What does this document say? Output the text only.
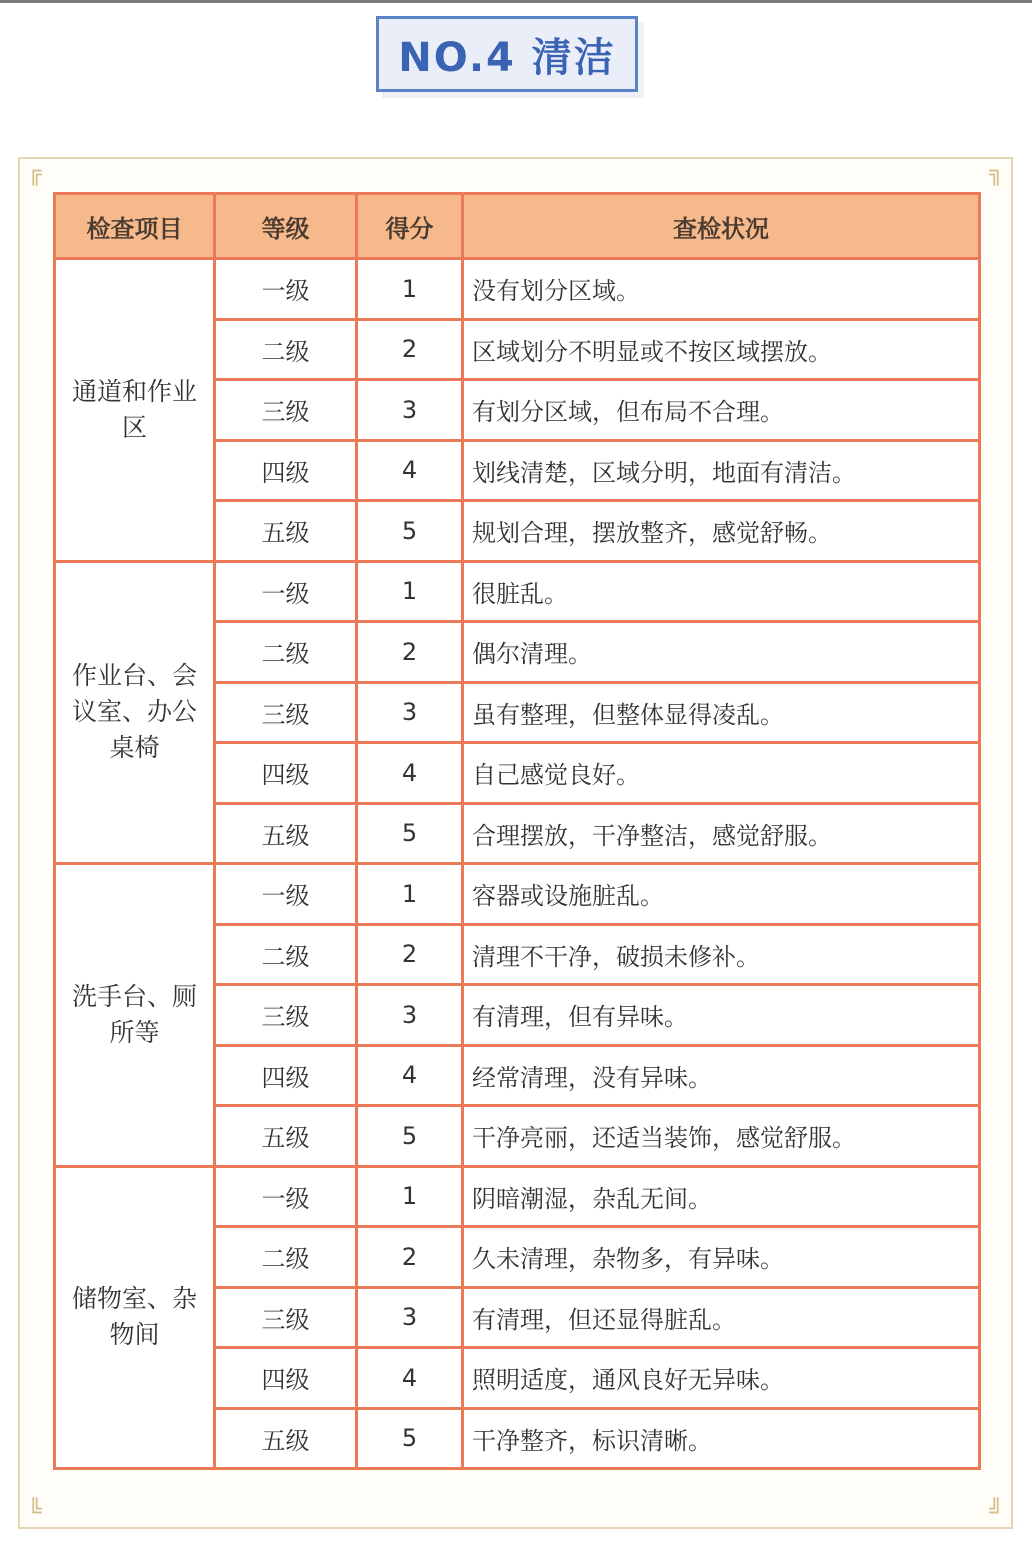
NO.4 清洁
╔	╗
╚	╝
检查项目	等级	得分	查检状况

通道和作业
区	一级	1	没有划分区域。
	二级	2	区域划分不明显或不按区域摆放。
	三级	3	有划分区域，但布局不合理。
	四级	4	划线清楚，区域分明，地面有清洁。
	五级	5	规划合理，摆放整齐，感觉舒畅。

作业台、会
议室、办公
桌椅	一级	1	很脏乱。
	二级	2	偶尔清理。
	三级	3	虽有整理，但整体显得凌乱。
	四级	4	自己感觉良好。
	五级	5	合理摆放，干净整洁，感觉舒服。

洗手台、厕
所等	一级	1	容器或设施脏乱。
	二级	2	清理不干净，破损未修补。
	三级	3	有清理，但有异味。
	四级	4	经常清理，没有异味。
	五级	5	干净亮丽，还适当装饰，感觉舒服。

储物室、杂
物间	一级	1	阴暗潮湿，杂乱无间。
	二级	2	久未清理，杂物多，有异味。
	三级	3	有清理，但还显得脏乱。
	四级	4	照明适度，通风良好无异味。
	五级	5	干净整齐，标识清晰。
